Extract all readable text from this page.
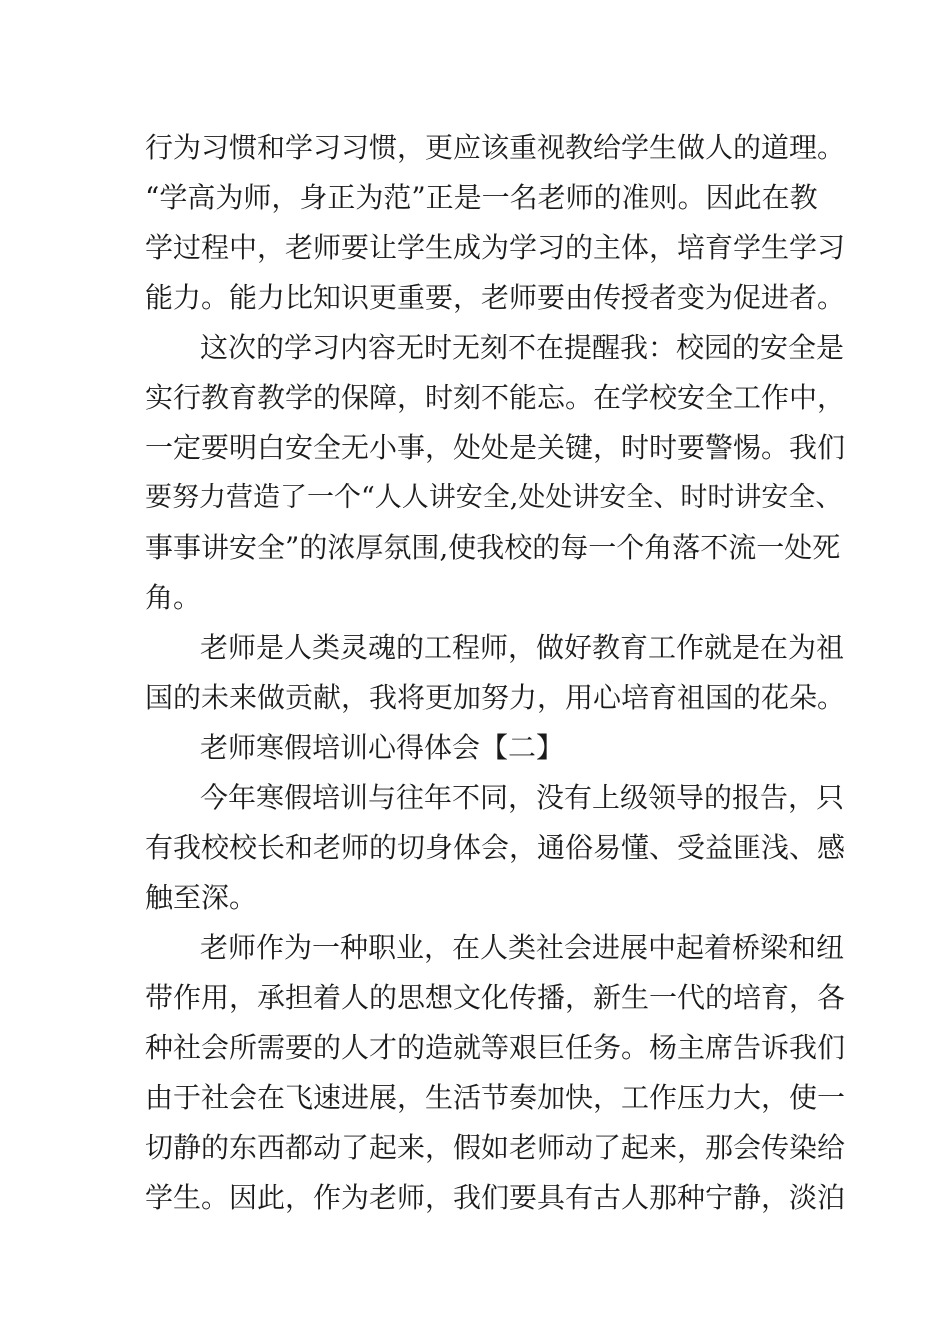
行为习惯和学习习惯，更应该重视教给学生做人的道理。
“学高为师，身正为范”正是一名老师的准则。因此在教
学过程中，老师要让学生成为学习的主体，培育学生学习
能力。能力比知识更重要，老师要由传授者变为促进者。
这次的学习内容无时无刻不在提醒我：校园的安全是
实行教育教学的保障，时刻不能忘。在学校安全工作中，
一定要明白安全无小事，处处是关键，时时要警惕。我们
要努力营造了一个“人人讲安全,处处讲安全、时时讲安全、
事事讲安全”的浓厚氛围,使我校的每一个角落不流一处死
角。
老师是人类灵魂的工程师，做好教育工作就是在为祖
国的未来做贡献，我将更加努力，用心培育祖国的花朵。
老师寒假培训心得体会【二】
今年寒假培训与往年不同，没有上级领导的报告，只
有我校校长和老师的切身体会，通俗易懂、受益匪浅、感
触至深。
老师作为一种职业，在人类社会进展中起着桥梁和纽
带作用，承担着人的思想文化传播，新生一代的培育，各
种社会所需要的人才的造就等艰巨任务。杨主席告诉我们
由于社会在飞速进展，生活节奏加快，工作压力大，使一
切静的东西都动了起来，假如老师动了起来，那会传染给
学生。因此，作为老师，我们要具有古人那种宁静，淡泊
